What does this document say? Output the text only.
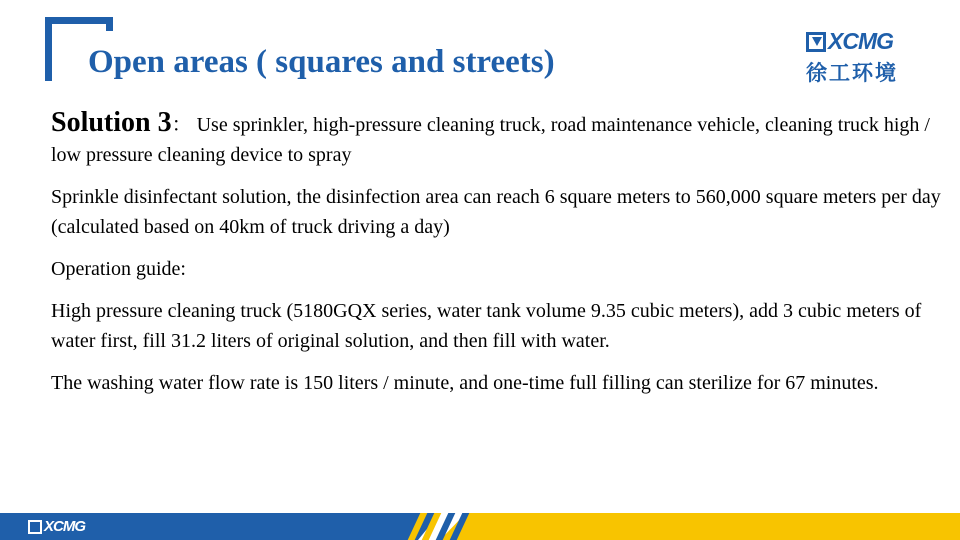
Open areas ( squares and streets)
XCMG
徐工环境

Solution 3： Use sprinkler, high-pressure cleaning truck, road maintenance vehicle, cleaning truck high / low pressure cleaning device to spray

Sprinkle disinfectant solution, the disinfection area can reach 6 square meters to 560,000 square meters per day (calculated based on 40km of truck driving a day)

Operation guide:

High pressure cleaning truck (5180GQX series, water tank volume 9.35 cubic meters), add 3 cubic meters of water first, fill 31.2 liters of original solution, and then fill with water.

The washing water flow rate is 150 liters / minute, and one-time full filling can sterilize for 67 minutes.

XCMG
